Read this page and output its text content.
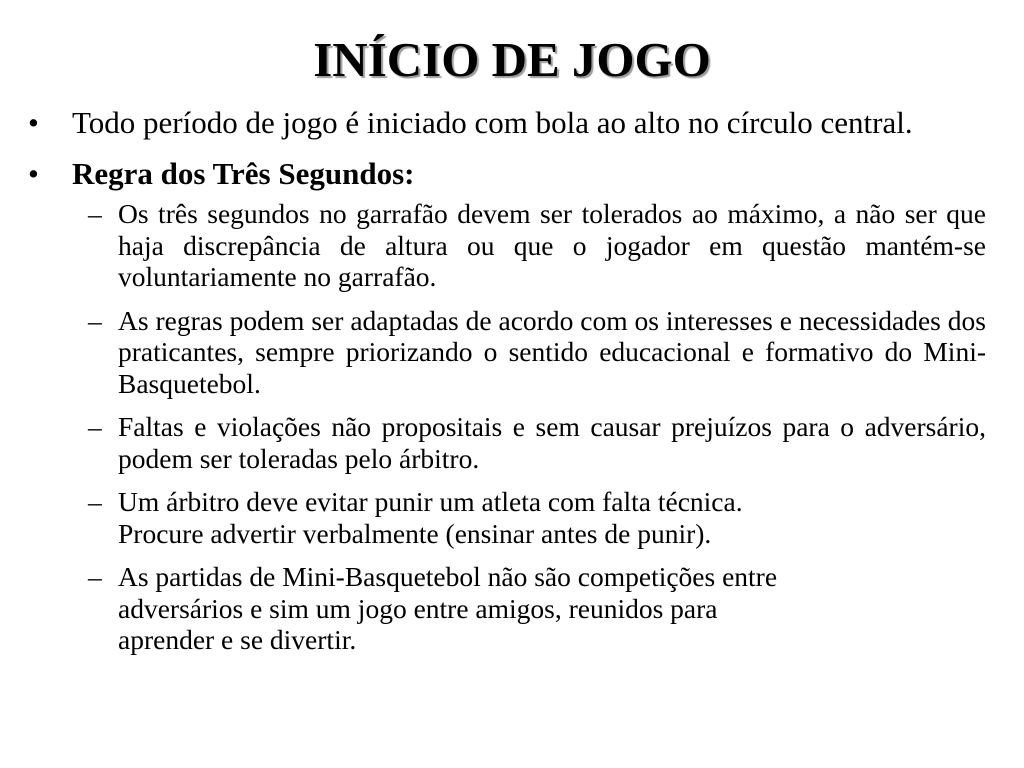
INÍCIO DE JOGO
• Todo período de jogo é iniciado com bola ao alto no círculo central.
• Regra dos Três Segundos:
– Os três segundos no garrafão devem ser tolerados ao máximo, a não ser que haja discrepância de altura ou que o jogador em questão mantém-se voluntariamente no garrafão.
– As regras podem ser adaptadas de acordo com os interesses e necessidades dos praticantes, sempre priorizando o sentido educacional e formativo do Mini-Basquetebol.
– Faltas e violações não propositais e sem causar prejuízos para o adversário, podem ser toleradas pelo árbitro.
– Um árbitro deve evitar punir um atleta com falta técnica.
Procure advertir verbalmente (ensinar antes de punir).
– As partidas de Mini-Basquetebol não são competições entre
adversários e sim um jogo entre amigos, reunidos para
aprender e se divertir.
